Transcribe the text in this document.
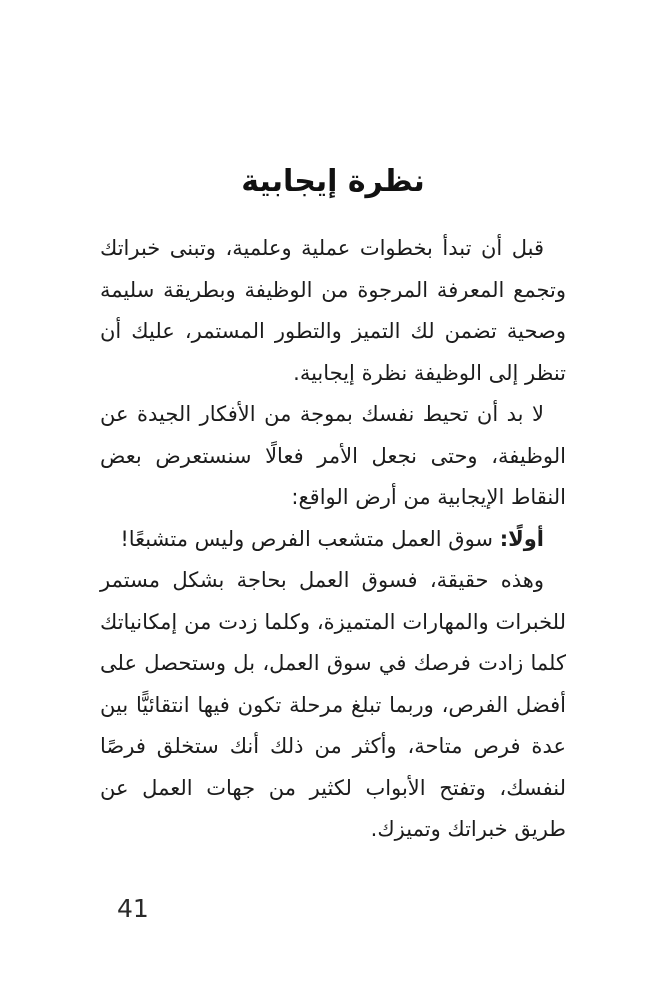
نظرة إيجابية

قبل أن تبدأ بخطوات عملية وعلمية، وتبنى خبراتك وتجمع المعرفة المرجوة من الوظيفة وبطريقة سليمة وصحية تضمن لك التميز والتطور المستمر، عليك أن تنظر إلى الوظيفة نظرة إيجابية.

لا بد أن تحيط نفسك بموجة من الأفكار الجيدة عن الوظيفة، وحتى نجعل الأمر فعالًا سنستعرض بعض النقاط الإيجابية من أرض الواقع:

أولًا: سوق العمل متشعب الفرص وليس متشبعًا!

وهذه حقيقة، فسوق العمل بحاجة بشكل مستمر للخبرات والمهارات المتميزة، وكلما زدت من إمكانياتك كلما زادت فرصك في سوق العمل، بل وستحصل على أفضل الفرص، وربما تبلغ مرحلة تكون فيها انتقائيًّا بين عدة فرص متاحة، وأكثر من ذلك أنك ستخلق فرصًا لنفسك، وتفتح الأبواب لكثير من جهات العمل عن طريق خبراتك وتميزك.

41
